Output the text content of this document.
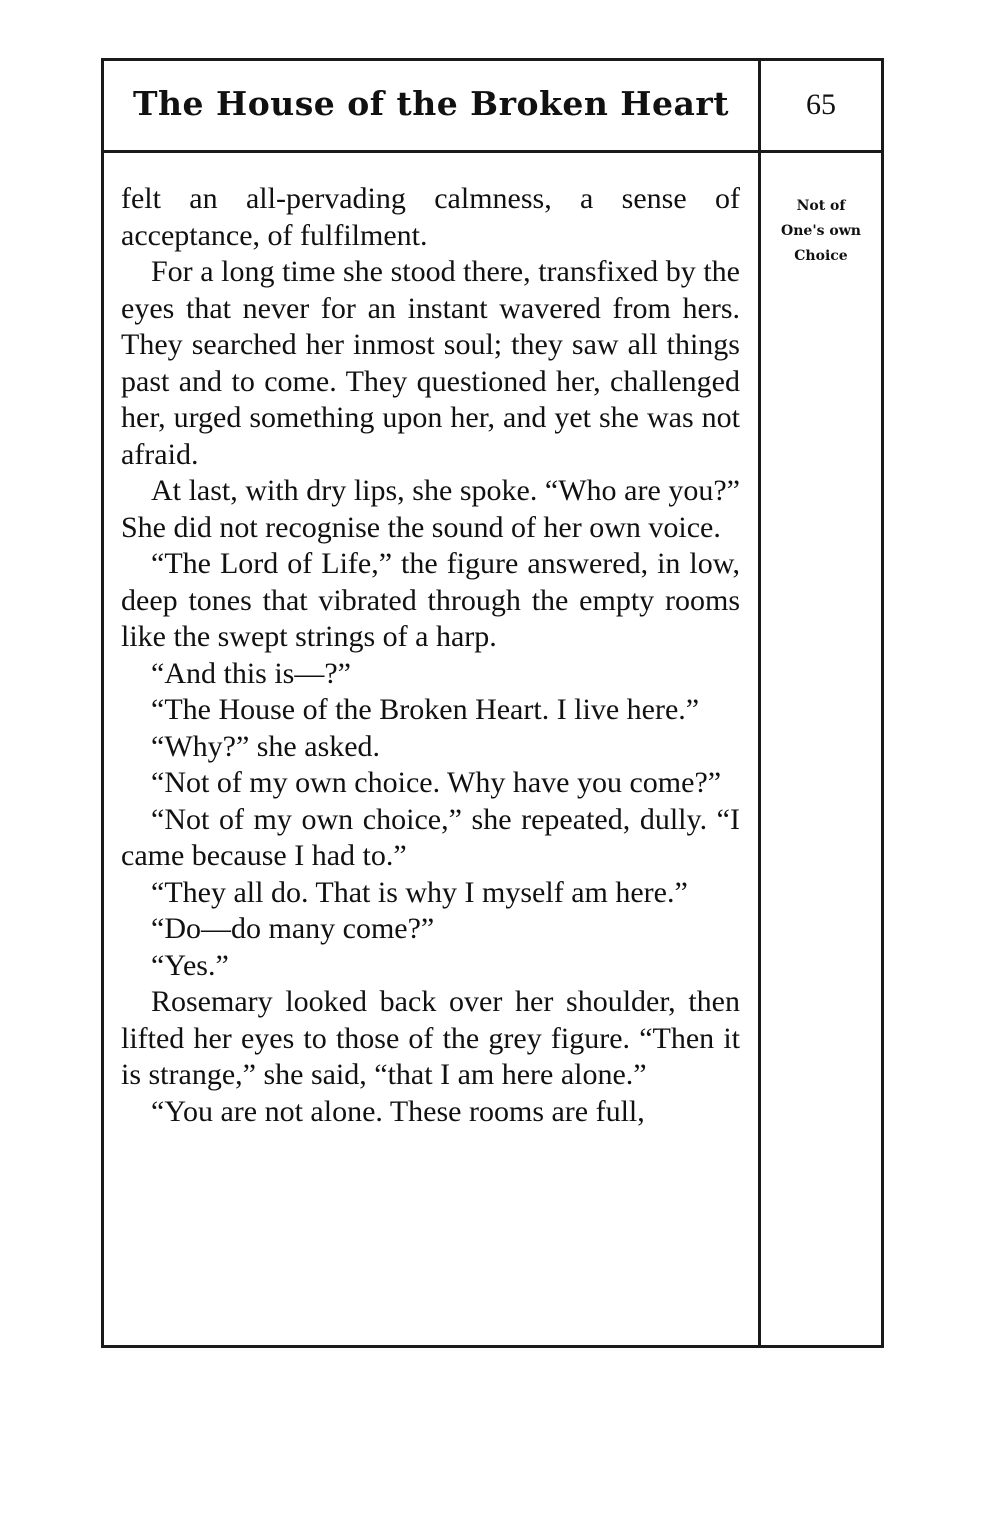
The House of the Broken Heart	65
Not of
One's own
Choice

felt an all-pervading calmness, a sense of acceptance, of fulfilment.

For a long time she stood there, transfixed by the eyes that never for an instant wavered from hers. They searched her inmost soul; they saw all things past and to come. They questioned her, challenged her, urged something upon her, and yet she was not afraid.

At last, with dry lips, she spoke. “Who are you?” She did not recognise the sound of her own voice.

“The Lord of Life,” the figure answered, in low, deep tones that vibrated through the empty rooms like the swept strings of a harp.

“And this is—?”

“The House of the Broken Heart. I live here.”

“Why?” she asked.

“Not of my own choice. Why have you come?”

“Not of my own choice,” she repeated, dully. “I came because I had to.”

“They all do. That is why I myself am here.”

“Do—do many come?”

“Yes.”

Rosemary looked back over her shoulder, then lifted her eyes to those of the grey figure. “Then it is strange,” she said, “that I am here alone.”

“You are not alone. These rooms are full,
